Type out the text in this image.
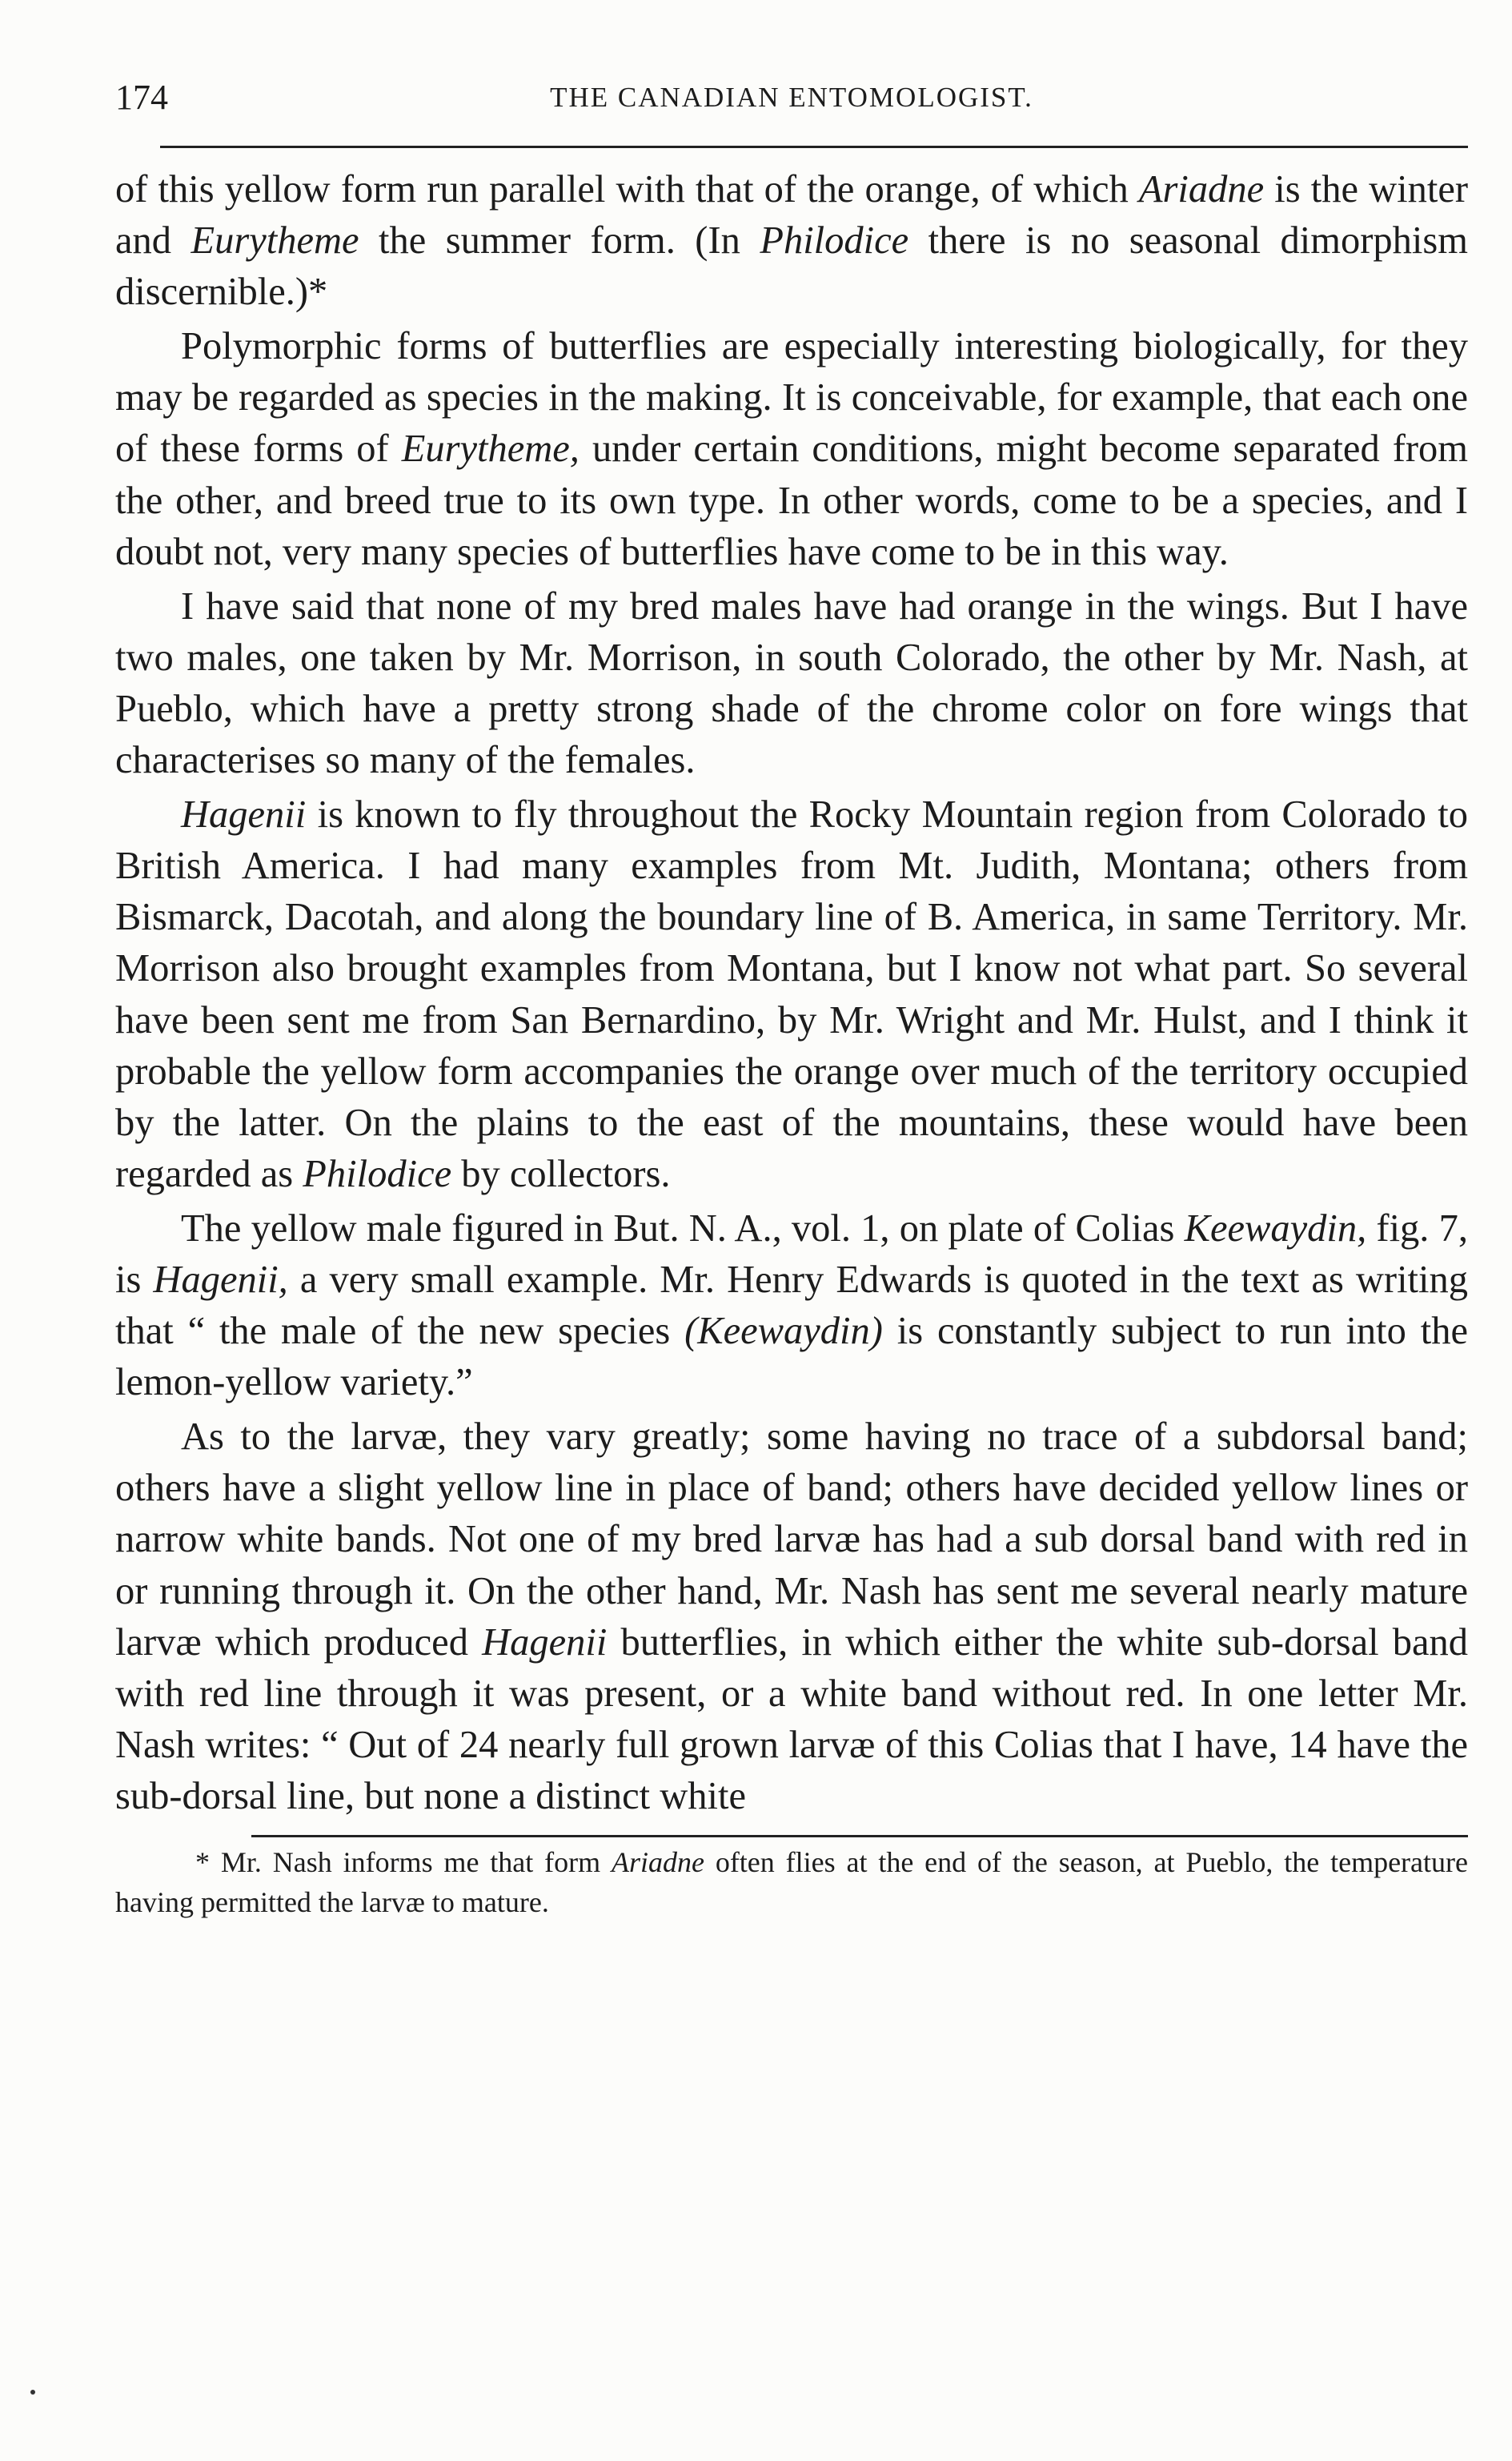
174	THE CANADIAN ENTOMOLOGIST.

of this yellow form run parallel with that of the orange, of which Ariadne is the winter and Eurytheme the summer form. (In Philodice there is no seasonal dimorphism discernible.)*

Polymorphic forms of butterflies are especially interesting biologically, for they may be regarded as species in the making. It is conceivable, for example, that each one of these forms of Eurytheme, under certain conditions, might become separated from the other, and breed true to its own type. In other words, come to be a species, and I doubt not, very many species of butterflies have come to be in this way.

I have said that none of my bred males have had orange in the wings. But I have two males, one taken by Mr. Morrison, in south Colorado, the other by Mr. Nash, at Pueblo, which have a pretty strong shade of the chrome color on fore wings that characterises so many of the females.

Hagenii is known to fly throughout the Rocky Mountain region from Colorado to British America. I had many examples from Mt. Judith, Montana; others from Bismarck, Dacotah, and along the boundary line of B. America, in same Territory. Mr. Morrison also brought examples from Montana, but I know not what part. So several have been sent me from San Bernardino, by Mr. Wright and Mr. Hulst, and I think it probable the yellow form accompanies the orange over much of the territory occupied by the latter. On the plains to the east of the mountains, these would have been regarded as Philodice by collectors.

The yellow male figured in But. N. A., vol. 1, on plate of Colias Keewaydin, fig. 7, is Hagenii, a very small example. Mr. Henry Edwards is quoted in the text as writing that “ the male of the new species (Keewaydin) is constantly subject to run into the lemon-yellow variety.”

As to the larvæ, they vary greatly; some having no trace of a subdorsal band; others have a slight yellow line in place of band; others have decided yellow lines or narrow white bands. Not one of my bred larvæ has had a sub dorsal band with red in or running through it. On the other hand, Mr. Nash has sent me several nearly mature larvæ which produced Hagenii butterflies, in which either the white sub-dorsal band with red line through it was present, or a white band without red. In one letter Mr. Nash writes: “ Out of 24 nearly full grown larvæ of this Colias that I have, 14 have the sub-dorsal line, but none a distinct white

* Mr. Nash informs me that form Ariadne often flies at the end of the season, at Pueblo, the temperature having permitted the larvæ to mature.
